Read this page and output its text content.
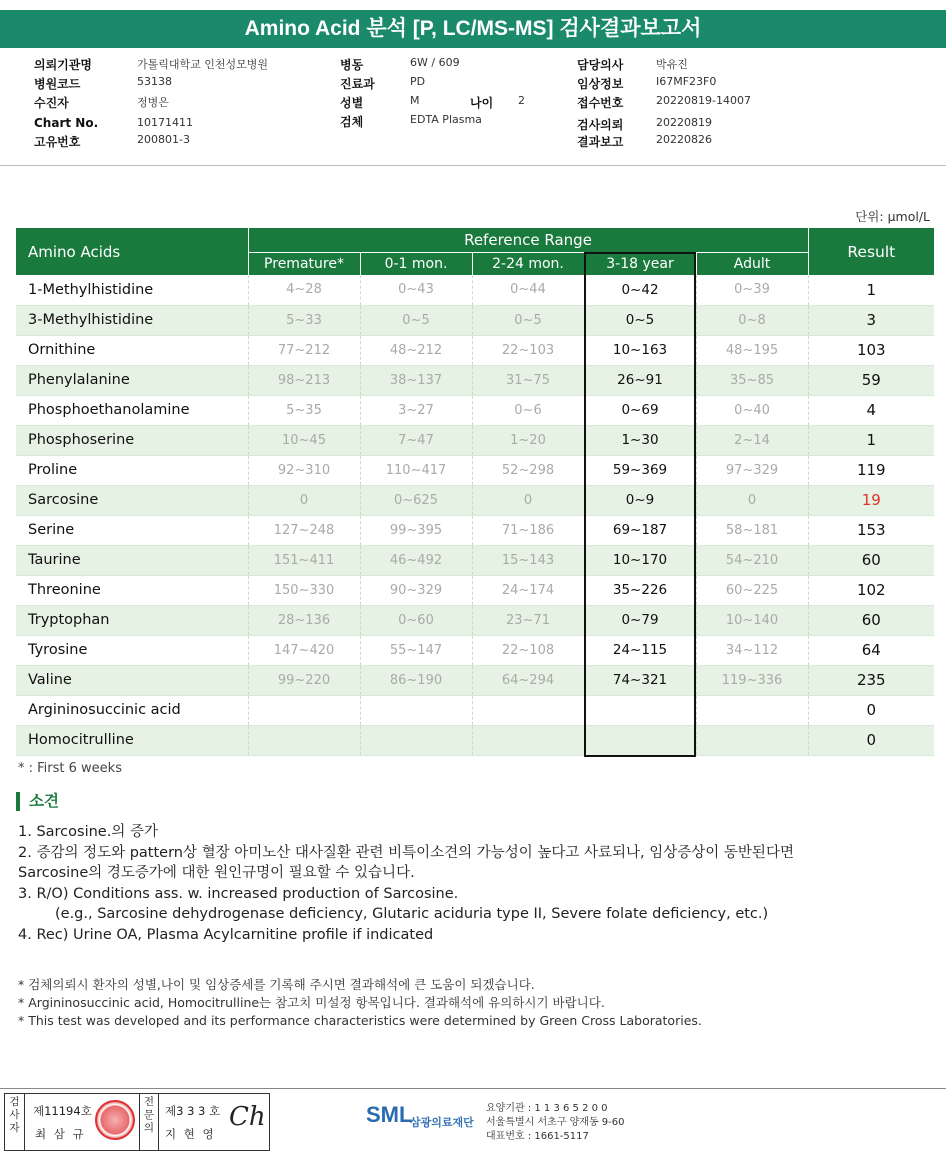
Amino Acid 분석 [P, LC/MS-MS] 검사결과보고서
의뢰기관명	가톨릭대학교 인천성모병원
병원코드	53138
수진자	정병은
Chart No.	10171411
고유번호	200801-3
병동	6W / 609
진료과	PD
성별	M	나이 2
검체	EDTA Plasma
담당의사	박유진
임상정보	I67MF23F0
접수번호	20220819-14007
검사의뢰	20220819
결과보고	20220826
단위: µmol/L
Amino Acids	Reference Range					Result
	Premature*	0-1 mon.	2-24 mon.	3-18 year	Adult	
1-Methylhistidine	4~28	0~43	0~44	0~42	0~39	1
3-Methylhistidine	5~33	0~5	0~5	0~5	0~8	3
Ornithine	77~212	48~212	22~103	10~163	48~195	103
Phenylalanine	98~213	38~137	31~75	26~91	35~85	59
Phosphoethanolamine	5~35	3~27	0~6	0~69	0~40	4
Phosphoserine	10~45	7~47	1~20	1~30	2~14	1
Proline	92~310	110~417	52~298	59~369	97~329	119
Sarcosine	0	0~625	0	0~9	0	19
Serine	127~248	99~395	71~186	69~187	58~181	153
Taurine	151~411	46~492	15~143	10~170	54~210	60
Threonine	150~330	90~329	24~174	35~226	60~225	102
Tryptophan	28~136	0~60	23~71	0~79	10~140	60
Tyrosine	147~420	55~147	22~108	24~115	34~112	64
Valine	99~220	86~190	64~294	74~321	119~336	235
Argininosuccinic acid						0
Homocitrulline						0
* : First 6 weeks
소견
1. Sarcosine.의 증가
2. 증감의 정도와 pattern상 혈장 아미노산 대사질환 관련 비특이소견의 가능성이 높다고 사료되나, 임상증상이 동반된다면
Sarcosine의 경도증가에 대한 원인규명이 필요할 수 있습니다.
3. R/O) Conditions ass. w. increased production of Sarcosine.
(e.g., Sarcosine dehydrogenase deficiency, Glutaric aciduria type II, Severe folate deficiency, etc.)
4. Rec) Urine OA, Plasma Acylcarnitine profile if indicated
* 검체의뢰시 환자의 성별,나이 및 임상증세를 기록해 주시면 결과해석에 큰 도움이 되겠습니다.
* Argininosuccinic acid, Homocitrulline는 참고치 미설정 항목입니다. 결과해석에 유의하시기 바랍니다.
* This test was developed and its performance characteristics were determined by Green Cross Laboratories.
검사자
제11194호
최 삼 규
전문의
제3 3 3 호
지 현 영
Ch	SML
삼광의료재단
요양기관 : 1 1 3 6 5 2 0 0
서울특별시 서초구 양재동 9-60
대표번호 : 1661-5117
